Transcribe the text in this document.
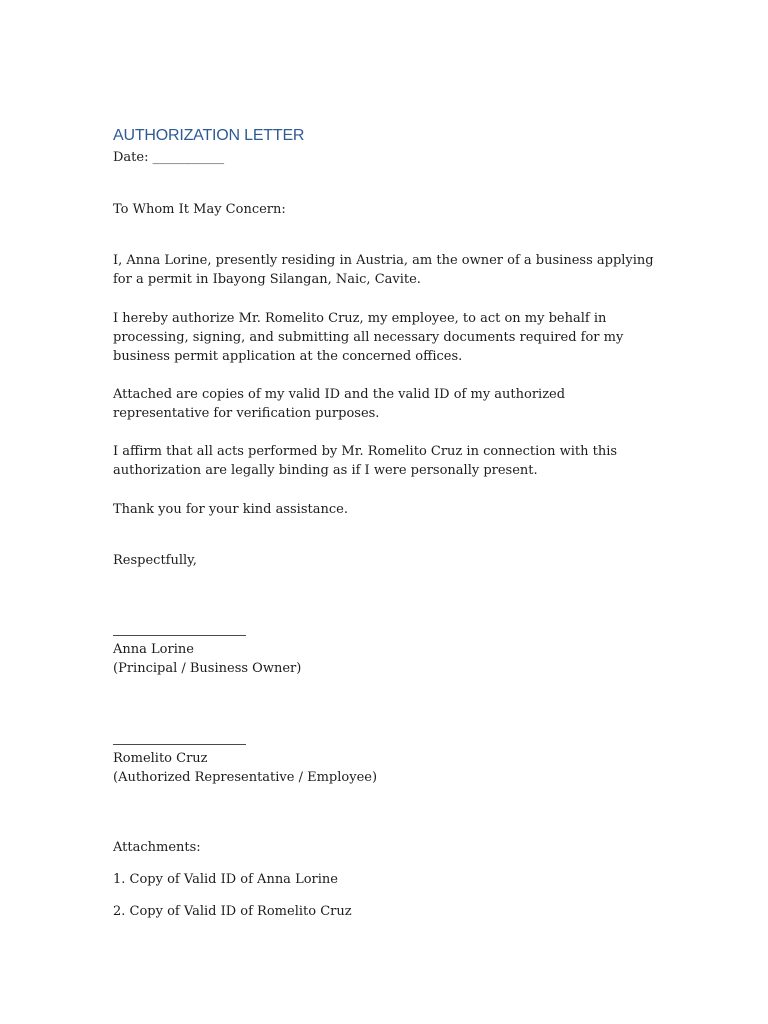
AUTHORIZATION LETTER
Date: ___________
To Whom It May Concern:

I, Anna Lorine, presently residing in Austria, am the owner of a business applying for a permit in Ibayong Silangan, Naic, Cavite.

I hereby authorize Mr. Romelito Cruz, my employee, to act on my behalf in processing, signing, and submitting all necessary documents required for my business permit application at the concerned offices.

Attached are copies of my valid ID and the valid ID of my authorized representative for verification purposes.

I affirm that all acts performed by Mr. Romelito Cruz in connection with this authorization are legally binding as if I were personally present.

Thank you for your kind assistance.

Respectfully,
Anna Lorine
(Principal / Business Owner)
Romelito Cruz
(Authorized Representative / Employee)
Attachments:
1. Copy of Valid ID of Anna Lorine
2. Copy of Valid ID of Romelito Cruz
